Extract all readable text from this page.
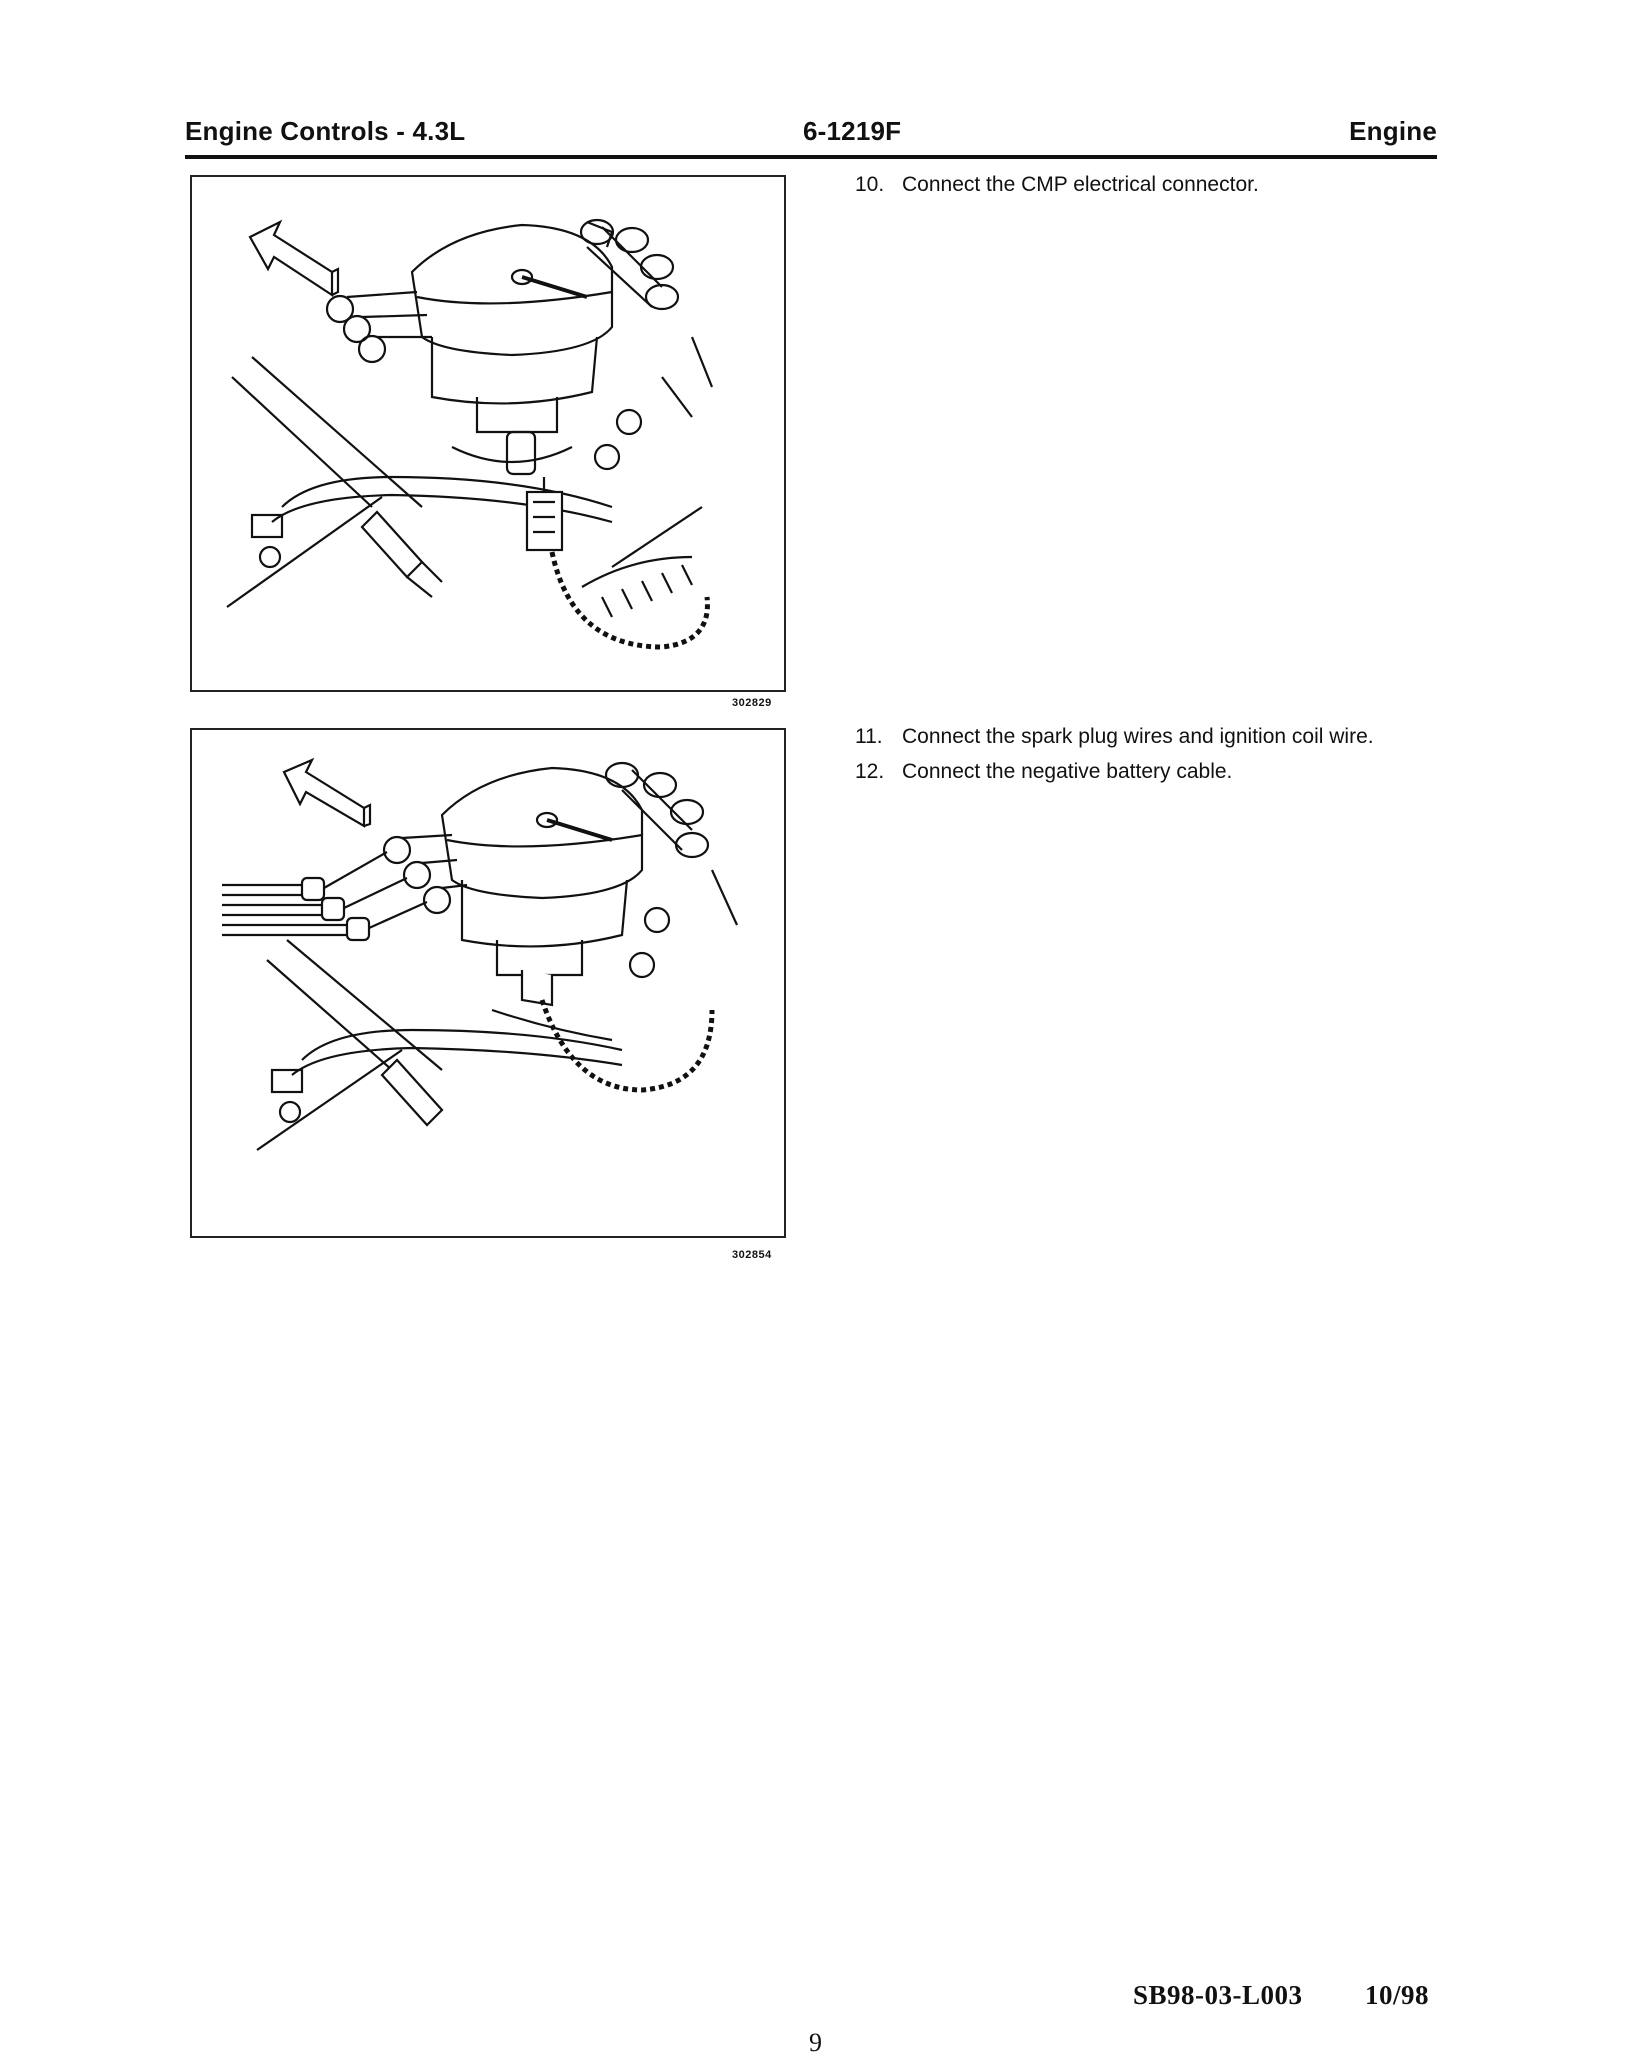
Engine Controls - 4.3L	6-1219F	Engine
302829
10. Connect the CMP electrical connector.
302854
11. Connect the spark plug wires and ignition coil wire.
12. Connect the negative battery cable.
SB98-03-L003 10/98
9
